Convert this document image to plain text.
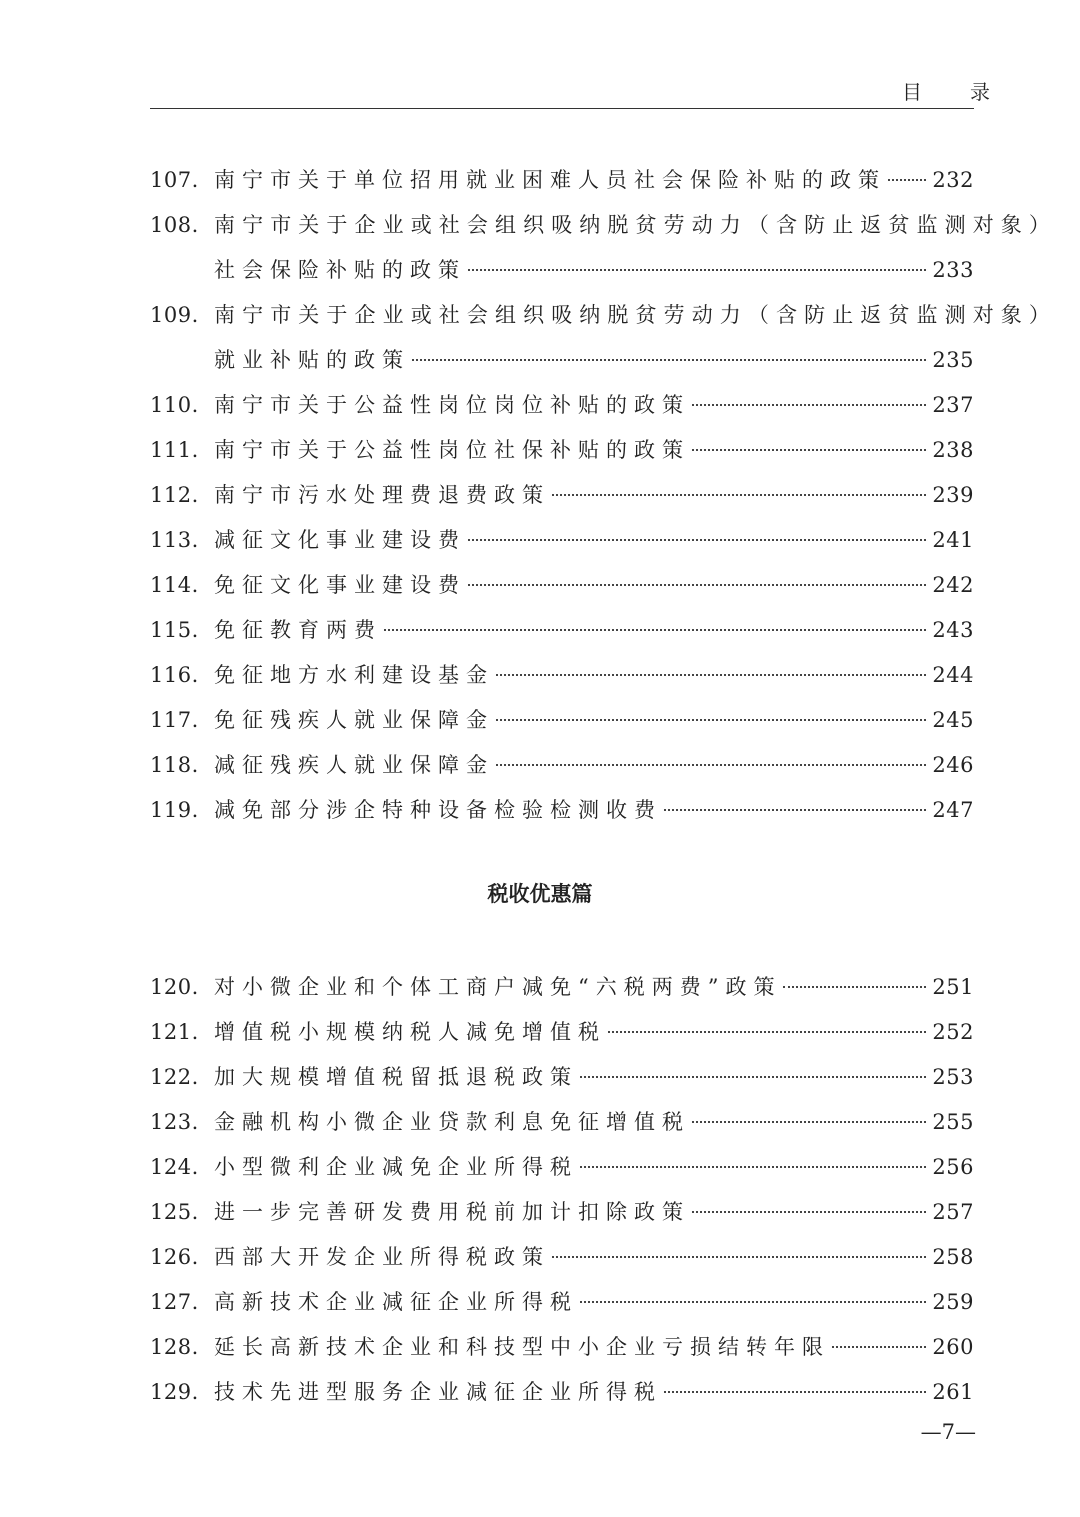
目　录
107. 南宁市关于单位招用就业困难人员社会保险补贴的政策 232
108. 南宁市关于企业或社会组织吸纳脱贫劳动力（含防止返贫监测对象）
社会保险补贴的政策	233
109. 南宁市关于企业或社会组织吸纳脱贫劳动力（含防止返贫监测对象）
就业补贴的政策	235
110. 南宁市关于公益性岗位岗位补贴的政策	237
111. 南宁市关于公益性岗位社保补贴的政策	238
112. 南宁市污水处理费退费政策	239
113. 减征文化事业建设费	241
114. 免征文化事业建设费	242
115. 免征教育两费	243
116. 免征地方水利建设基金	244
117. 免征残疾人就业保障金	245
118. 减征残疾人就业保障金	246
119. 减免部分涉企特种设备检验检测收费	247
税收优惠篇
120. 对小微企业和个体工商户减免“六税两费”政策	251
121. 增值税小规模纳税人减免增值税	252
122. 加大规模增值税留抵退税政策	253
123. 金融机构小微企业贷款利息免征增值税	255
124. 小型微利企业减免企业所得税	256
125. 进一步完善研发费用税前加计扣除政策	257
126. 西部大开发企业所得税政策	258
127. 高新技术企业减征企业所得税	259
128. 延长高新技术企业和科技型中小企业亏损结转年限	260
129. 技术先进型服务企业减征企业所得税	261
—7—
